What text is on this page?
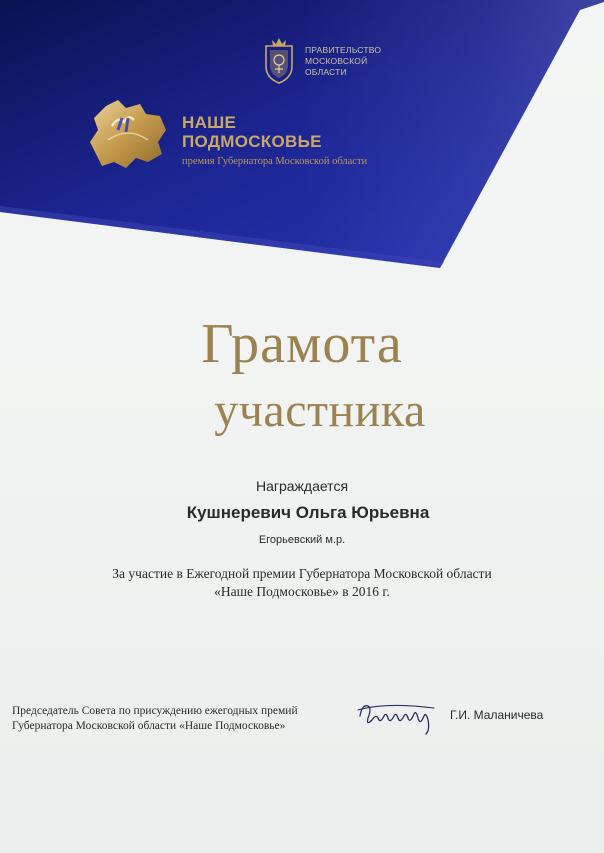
ПРАВИТЕЛЬСТВО
МОСКОВСКОЙ
ОБЛАСТИ
НАШЕ
ПОДМОСКОВЬЕ
премия Губернатора Московской области
Грамота
участника
Награждается
Кушнеревич Ольга Юрьевна
Егорьевский м.р.
За участие в Ежегодной премии Губернатора Московской области
«Наше Подмосковье» в 2016 г.
Председатель Совета по присуждению ежегодных премий
Губернатора Московской области «Наше Подмосковье»
Г.И. Маланичева
